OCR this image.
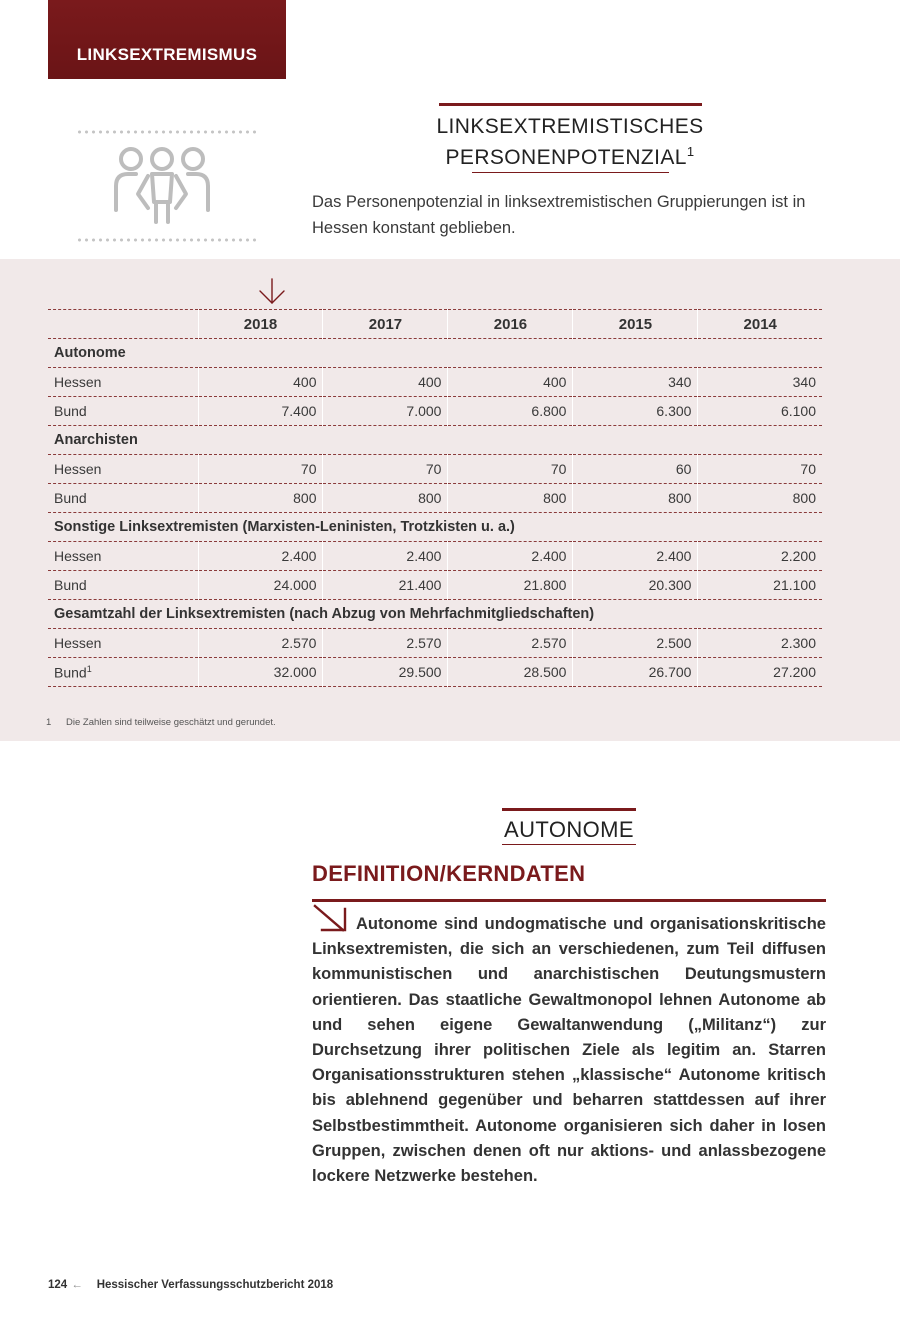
LINKSEXTREMISMUS
LINKSEXTREMISTISCHES
PERSONENPOTENZIAL$^1$
Das Personenpotenzial in linksextremistischen Gruppierungen ist in Hessen konstant geblieben.
	2018	2017	2016	2015	2014
Autonome					
Hessen	400	400	400	340	340
Bund	7.400	7.000	6.800	6.300	6.100
Anarchisten					
Hessen	70	70	70	60	70
Bund	800	800	800	800	800
Sonstige Linksextremisten (Marxisten-Leninisten, Trotzkisten u. a.)					
Hessen	2.400	2.400	2.400	2.400	2.200
Bund	24.000	21.400	21.800	20.300	21.100
Gesamtzahl der Linksextremisten (nach Abzug von Mehrfachmitgliedschaften)					
Hessen	2.570	2.570	2.570	2.500	2.300
Bund$^1$	32.000	29.500	28.500	26.700	27.200
1 Die Zahlen sind teilweise geschätzt und gerundet.
AUTONOME
DEFINITION/KERNDATEN
Autonome sind undogmatische und organisationskritische Linksextremisten, die sich an verschiedenen, zum Teil diffusen kommunistischen und anarchistischen Deutungsmustern orientieren. Das staatliche Gewaltmonopol lehnen Autonome ab und sehen eigene Gewaltanwendung („Militanz“) zur Durchsetzung ihrer politischen Ziele als legitim an. Starren Organisationsstrukturen stehen „klassische“ Autonome kritisch bis ablehnend gegenüber und beharren stattdessen auf ihrer Selbstbestimmtheit. Autonome organisieren sich daher in losen Gruppen, zwischen denen oft nur aktions- und anlassbezogene lockere Netzwerke bestehen.
124 ← Hessischer Verfassungsschutzbericht 2018
